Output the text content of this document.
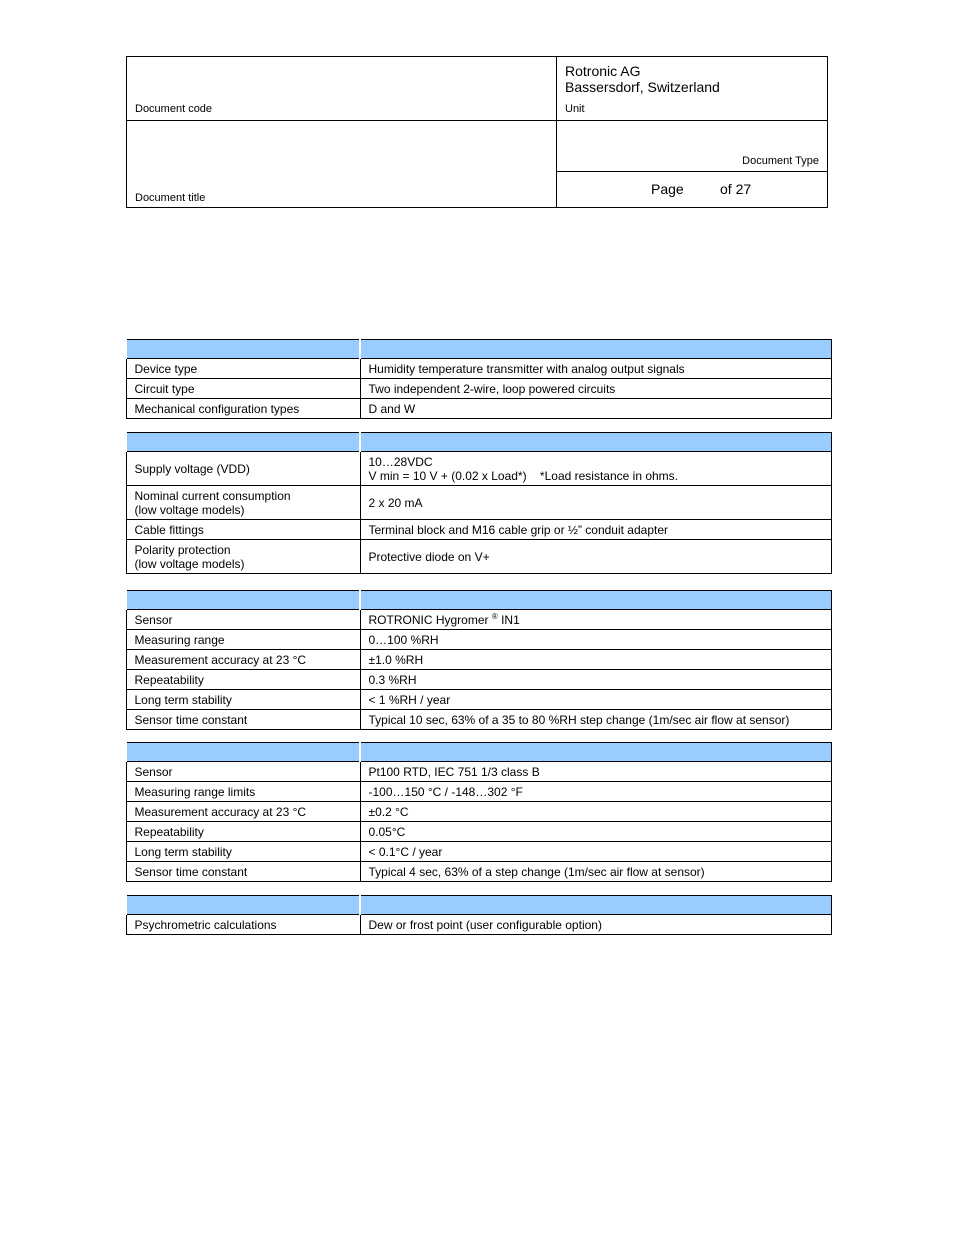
Rotronic AG
Bassersdorf, Switzerland
Document code	Unit
Document Type
Document title
Page	of 27

Device type	Humidity temperature transmitter with analog output signals
Circuit type	Two independent 2-wire, loop powered circuits
Mechanical configuration types	D and W

Supply voltage (VDD)	10…28VDC
V min = 10 V + (0.02 x Load*)    *Load resistance in ohms.

Nominal current consumption
(low voltage models)	2 x 20 mA
Cable fittings	Terminal block and M16 cable grip or ½” conduit adapter

Polarity protection
(low voltage models)	Protective diode on V+

Sensor	ROTRONIC Hygromer ® IN1
Measuring range	0…100 %RH
Measurement accuracy at 23 °C	±1.0 %RH
Repeatability	0.3 %RH
Long term stability	< 1 %RH / year
Sensor time constant	Typical 10 sec, 63% of a 35 to 80 %RH step change (1m/sec air flow at sensor)

Sensor	Pt100 RTD, IEC 751 1/3 class B
Measuring range limits	-100…150 °C / -148…302 °F
Measurement accuracy at 23 °C	±0.2 °C
Repeatability	0.05°C
Long term stability	< 0.1°C / year
Sensor time constant	Typical 4 sec, 63% of a step change (1m/sec air flow at sensor)

Psychrometric calculations	Dew or frost point (user configurable option)
